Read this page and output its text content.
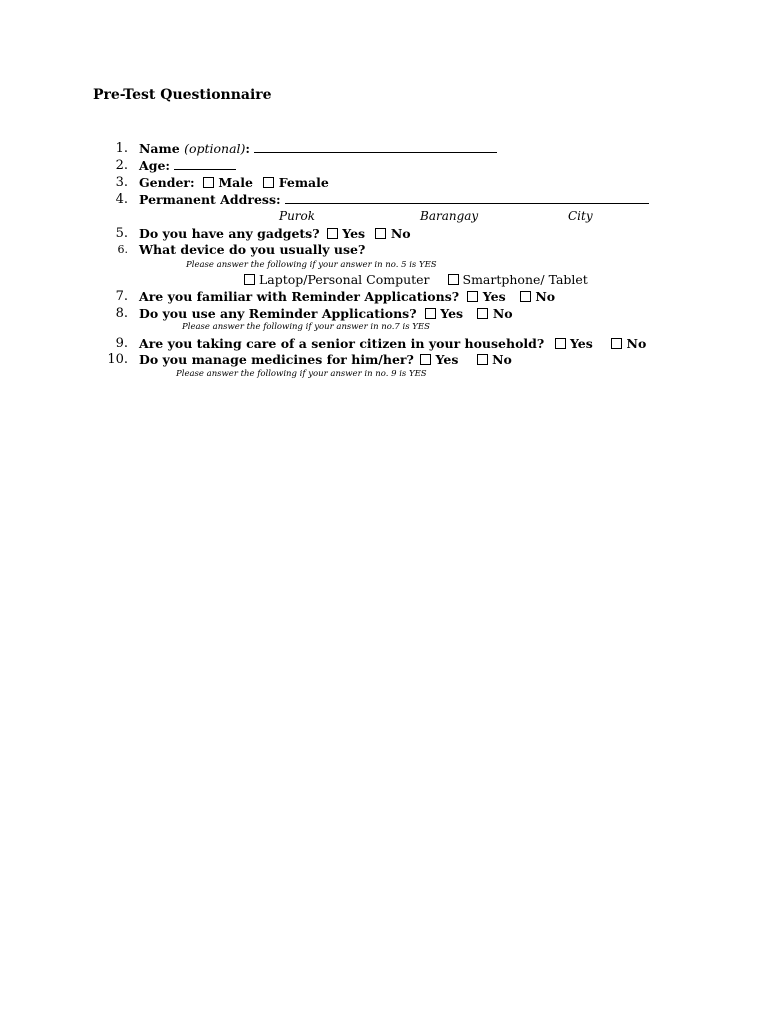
Pre-Test Questionnaire
1. Name (optional):
2. Age:
3. Gender: Male Female
4. Permanent Address:
Purok	Barangay	City
5. Do you have any gadgets? Yes No
6. What device do you usually use?
Please answer the following if your answer in no. 5 is YES
Laptop/Personal Computer	Smartphone/ Tablet
7. Are you familiar with Reminder Applications? Yes No
8. Do you use any Reminder Applications? Yes No
Please answer the following if your answer in no.7 is YES
9. Are you taking care of a senior citizen in your household? Yes	No
10. Do you manage medicines for him/her? Yes	No
Please answer the following if your answer in no. 9 is YES
